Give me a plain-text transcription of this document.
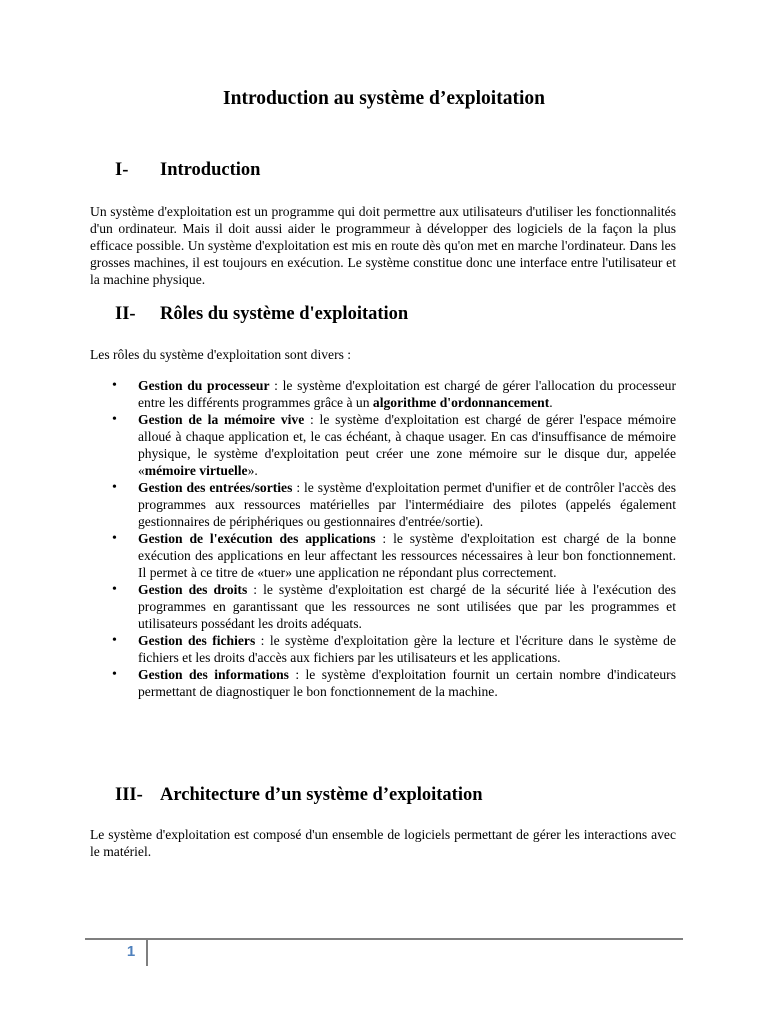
Introduction au système d’exploitation
I- Introduction
Un système d'exploitation est un programme qui doit permettre aux utilisateurs d'utiliser les fonctionnalités d'un ordinateur. Mais il doit aussi aider le programmeur à développer des logiciels de la façon la plus efficace possible. Un système d'exploitation est mis en route dès qu'on met en marche l'ordinateur. Dans les grosses machines, il est toujours en exécution. Le système constitue donc une interface entre l'utilisateur et la machine physique.
II- Rôles du système d'exploitation
Les rôles du système d'exploitation sont divers :
• Gestion du processeur : le système d'exploitation est chargé de gérer l'allocation du processeur entre les différents programmes grâce à un algorithme d'ordonnancement.
• Gestion de la mémoire vive : le système d'exploitation est chargé de gérer l'espace mémoire alloué à chaque application et, le cas échéant, à chaque usager. En cas d'insuffisance de mémoire physique, le système d'exploitation peut créer une zone mémoire sur le disque dur, appelée «mémoire virtuelle».
• Gestion des entrées/sorties : le système d'exploitation permet d'unifier et de contrôler l'accès des programmes aux ressources matérielles par l'intermédiaire des pilotes (appelés également gestionnaires de périphériques ou gestionnaires d'entrée/sortie).
• Gestion de l'exécution des applications : le système d'exploitation est chargé de la bonne exécution des applications en leur affectant les ressources nécessaires à leur bon fonctionnement. Il permet à ce titre de «tuer» une application ne répondant plus correctement.
• Gestion des droits : le système d'exploitation est chargé de la sécurité liée à l'exécution des programmes en garantissant que les ressources ne sont utilisées que par les programmes et utilisateurs possédant les droits adéquats.
• Gestion des fichiers : le système d'exploitation gère la lecture et l'écriture dans le système de fichiers et les droits d'accès aux fichiers par les utilisateurs et les applications.
• Gestion des informations : le système d'exploitation fournit un certain nombre d'indicateurs permettant de diagnostiquer le bon fonctionnement de la machine.
III- Architecture d’un système d’exploitation
Le système d'exploitation est composé d'un ensemble de logiciels permettant de gérer les interactions avec le matériel.
1
